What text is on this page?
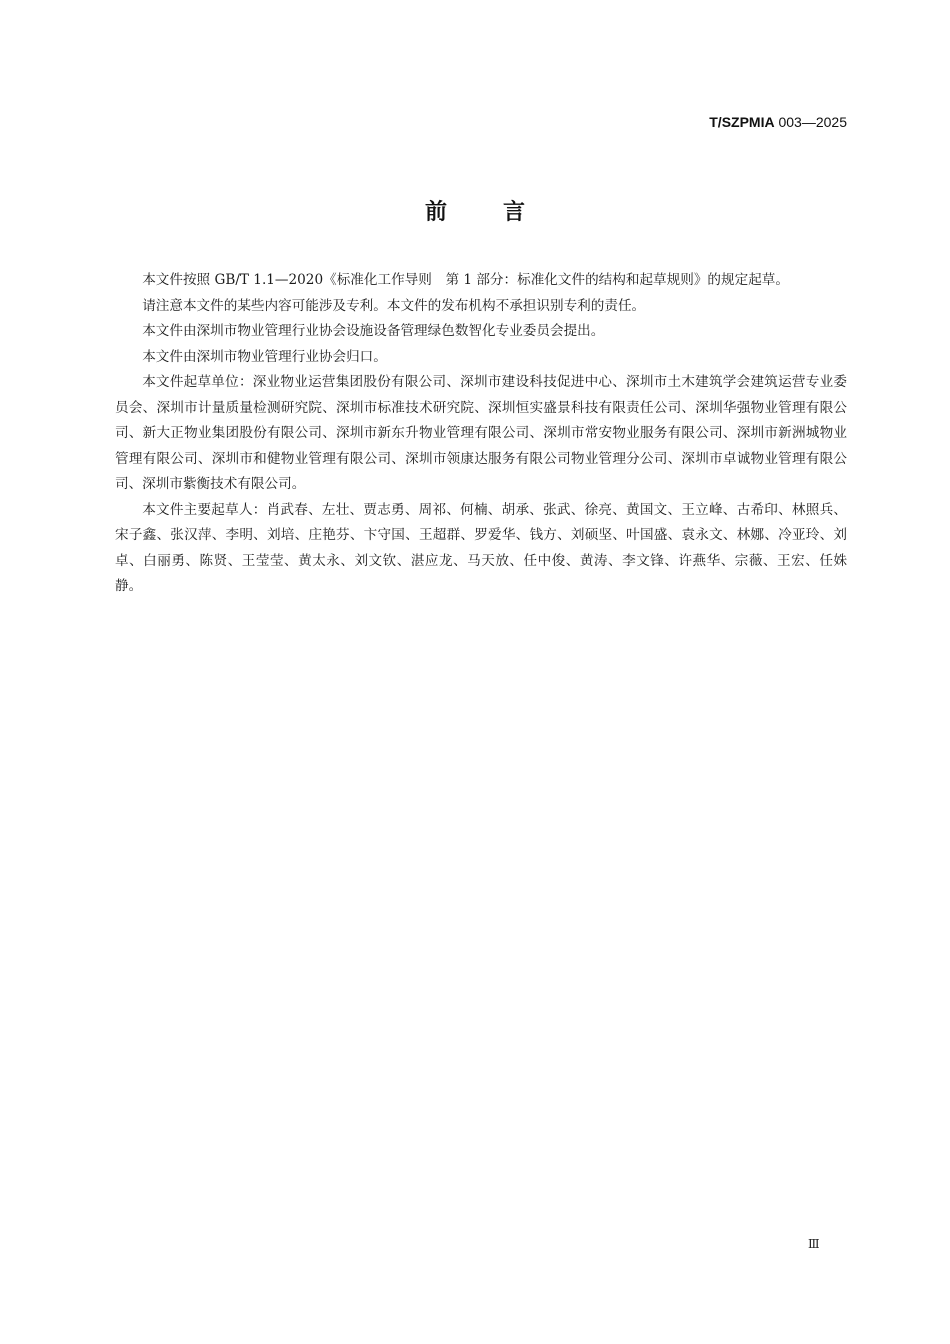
T/SZPMIA 003—2025
前言

本文件按照 GB/T 1.1—2020《标准化工作导则　第 1 部分：标准化文件的结构和起草规则》的规定起草。

请注意本文件的某些内容可能涉及专利。本文件的发布机构不承担识别专利的责任。

本文件由深圳市物业管理行业协会设施设备管理绿色数智化专业委员会提出。

本文件由深圳市物业管理行业协会归口。

本文件起草单位：深业物业运营集团股份有限公司、深圳市建设科技促进中心、深圳市土木建筑学会建筑运营专业委员会、深圳市计量质量检测研究院、深圳市标准技术研究院、深圳恒实盛景科技有限责任公司、深圳华强物业管理有限公司、新大正物业集团股份有限公司、深圳市新东升物业管理有限公司、深圳市常安物业服务有限公司、深圳市新洲城物业管理有限公司、深圳市和健物业管理有限公司、深圳市领康达服务有限公司物业管理分公司、深圳市卓诚物业管理有限公司、深圳市紫衡技术有限公司。

本文件主要起草人：肖武春、左壮、贾志勇、周祁、何楠、胡承、张武、徐亮、黄国文、王立峰、古希印、林照兵、宋子鑫、张汉萍、李明、刘培、庄艳芬、卞守国、王超群、罗爱华、钱方、刘硕坚、叶国盛、袁永文、林娜、冷亚玲、刘卓、白丽勇、陈贤、王莹莹、黄太永、刘文钦、湛应龙、马天放、任中俊、黄涛、李文锋、许燕华、宗薇、王宏、任姝静。

Ⅲ
